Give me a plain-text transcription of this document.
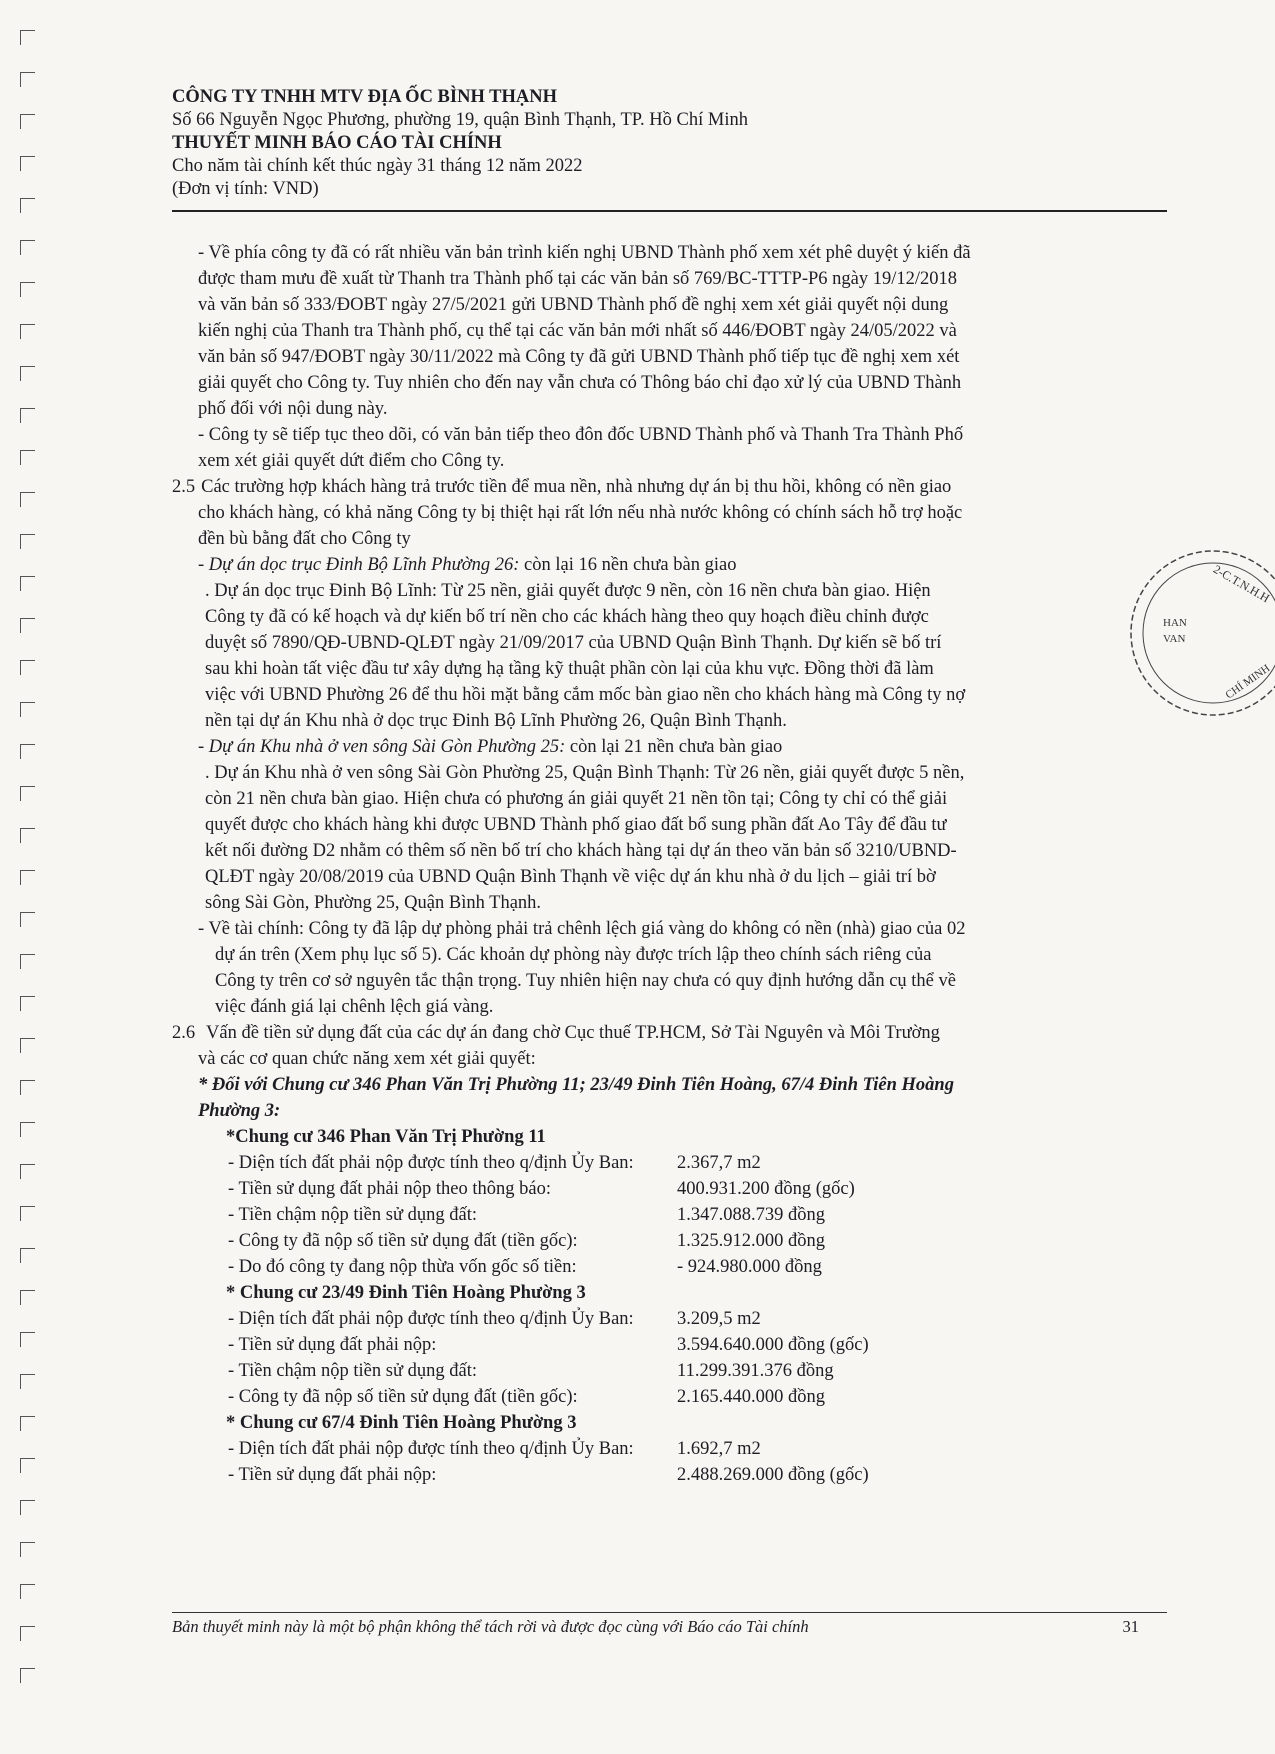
CÔNG TY TNHH MTV ĐỊA ỐC BÌNH THẠNH
Số 66 Nguyễn Ngọc Phương, phường 19, quận Bình Thạnh, TP. Hồ Chí Minh
THUYẾT MINH BÁO CÁO TÀI CHÍNH
Cho năm tài chính kết thúc ngày 31 tháng 12 năm 2022
(Đơn vị tính: VND)
- Về phía công ty đã có rất nhiều văn bản trình kiến nghị UBND Thành phố xem xét phê duyệt ý kiến đã
được tham mưu đề xuất từ Thanh tra Thành phố tại các văn bản số 769/BC-TTTP-P6 ngày 19/12/2018
và văn bản số 333/ĐOBT ngày 27/5/2021 gửi UBND Thành phố đề nghị xem xét giải quyết nội dung
kiến nghị của Thanh tra Thành phố, cụ thể tại các văn bản mới nhất số 446/ĐOBT ngày 24/05/2022 và
văn bản số 947/ĐOBT ngày 30/11/2022 mà Công ty đã gửi UBND Thành phố tiếp tục đề nghị xem xét
giải quyết cho Công ty. Tuy nhiên cho đến nay vẫn chưa có Thông báo chỉ đạo xử lý của UBND Thành
phố đối với nội dung này.
- Công ty sẽ tiếp tục theo dõi, có văn bản tiếp theo đôn đốc UBND Thành phố và Thanh Tra Thành Phố
xem xét giải quyết dứt điểm cho Công ty.
2.5 Các trường hợp khách hàng trả trước tiền để mua nền, nhà nhưng dự án bị thu hồi, không có nền giao
cho khách hàng, có khả năng Công ty bị thiệt hại rất lớn nếu nhà nước không có chính sách hỗ trợ hoặc
đền bù bằng đất cho Công ty
- Dự án dọc trục Đinh Bộ Lĩnh Phường 26: còn lại 16 nền chưa bàn giao
. Dự án dọc trục Đinh Bộ Lĩnh: Từ 25 nền, giải quyết được 9 nền, còn 16 nền chưa bàn giao. Hiện
Công ty đã có kế hoạch và dự kiến bố trí nền cho các khách hàng theo quy hoạch điều chỉnh được
duyệt số 7890/QĐ-UBND-QLĐT ngày 21/09/2017 của UBND Quận Bình Thạnh. Dự kiến sẽ bố trí
sau khi hoàn tất việc đầu tư xây dựng hạ tầng kỹ thuật phần còn lại của khu vực. Đồng thời đã làm
việc với UBND Phường 26 để thu hồi mặt bằng cắm mốc bàn giao nền cho khách hàng mà Công ty nợ
nền tại dự án Khu nhà ở dọc trục Đinh Bộ Lĩnh Phường 26, Quận Bình Thạnh.
- Dự án Khu nhà ở ven sông Sài Gòn Phường 25: còn lại 21 nền chưa bàn giao
. Dự án Khu nhà ở ven sông Sài Gòn Phường 25, Quận Bình Thạnh: Từ 26 nền, giải quyết được 5 nền,
còn 21 nền chưa bàn giao. Hiện chưa có phương án giải quyết 21 nền tồn tại; Công ty chỉ có thể giải
quyết được cho khách hàng khi được UBND Thành phố giao đất bổ sung phần đất Ao Tây để đầu tư
kết nối đường D2 nhằm có thêm số nền bố trí cho khách hàng tại dự án theo văn bản số 3210/UBND-
QLĐT ngày 20/08/2019 của UBND Quận Bình Thạnh về việc dự án khu nhà ở du lịch – giải trí bờ
sông Sài Gòn, Phường 25, Quận Bình Thạnh.
- Về tài chính: Công ty đã lập dự phòng phải trả chênh lệch giá vàng do không có nền (nhà) giao của 02
dự án trên (Xem phụ lục số 5). Các khoản dự phòng này được trích lập theo chính sách riêng của
Công ty trên cơ sở nguyên tắc thận trọng. Tuy nhiên hiện nay chưa có quy định hướng dẫn cụ thể về
việc đánh giá lại chênh lệch giá vàng.
2.6 Vấn đề tiền sử dụng đất của các dự án đang chờ Cục thuế TP.HCM, Sở Tài Nguyên và Môi Trường
và các cơ quan chức năng xem xét giải quyết:
* Đối với Chung cư 346 Phan Văn Trị Phường 11; 23/49 Đinh Tiên Hoàng, 67/4 Đinh Tiên Hoàng
Phường 3:
*Chung cư 346 Phan Văn Trị Phường 11
- Diện tích đất phải nộp được tính theo q/định Ủy Ban:	2.367,7 m2
- Tiền sử dụng đất phải nộp theo thông báo:	400.931.200 đồng (gốc)
- Tiền chậm nộp tiền sử dụng đất:	1.347.088.739 đồng
- Công ty đã nộp số tiền sử dụng đất (tiền gốc):	1.325.912.000 đồng
- Do đó công ty đang nộp thừa vốn gốc số tiền:	- 924.980.000 đồng
* Chung cư 23/49 Đinh Tiên Hoàng Phường 3
- Diện tích đất phải nộp được tính theo q/định Ủy Ban:	3.209,5 m2
- Tiền sử dụng đất phải nộp:	3.594.640.000 đồng (gốc)
- Tiền chậm nộp tiền sử dụng đất:	11.299.391.376 đồng
- Công ty đã nộp số tiền sử dụng đất (tiền gốc):	2.165.440.000 đồng
* Chung cư 67/4 Đinh Tiên Hoàng Phường 3
- Diện tích đất phải nộp được tính theo q/định Ủy Ban:	1.692,7 m2
- Tiền sử dụng đất phải nộp:	2.488.269.000 đồng (gốc)
2-C.T.N.H.H
HAN
VAN
CHÍ MINH
Bản thuyết minh này là một bộ phận không thể tách rời và được đọc cùng với Báo cáo Tài chính	31
